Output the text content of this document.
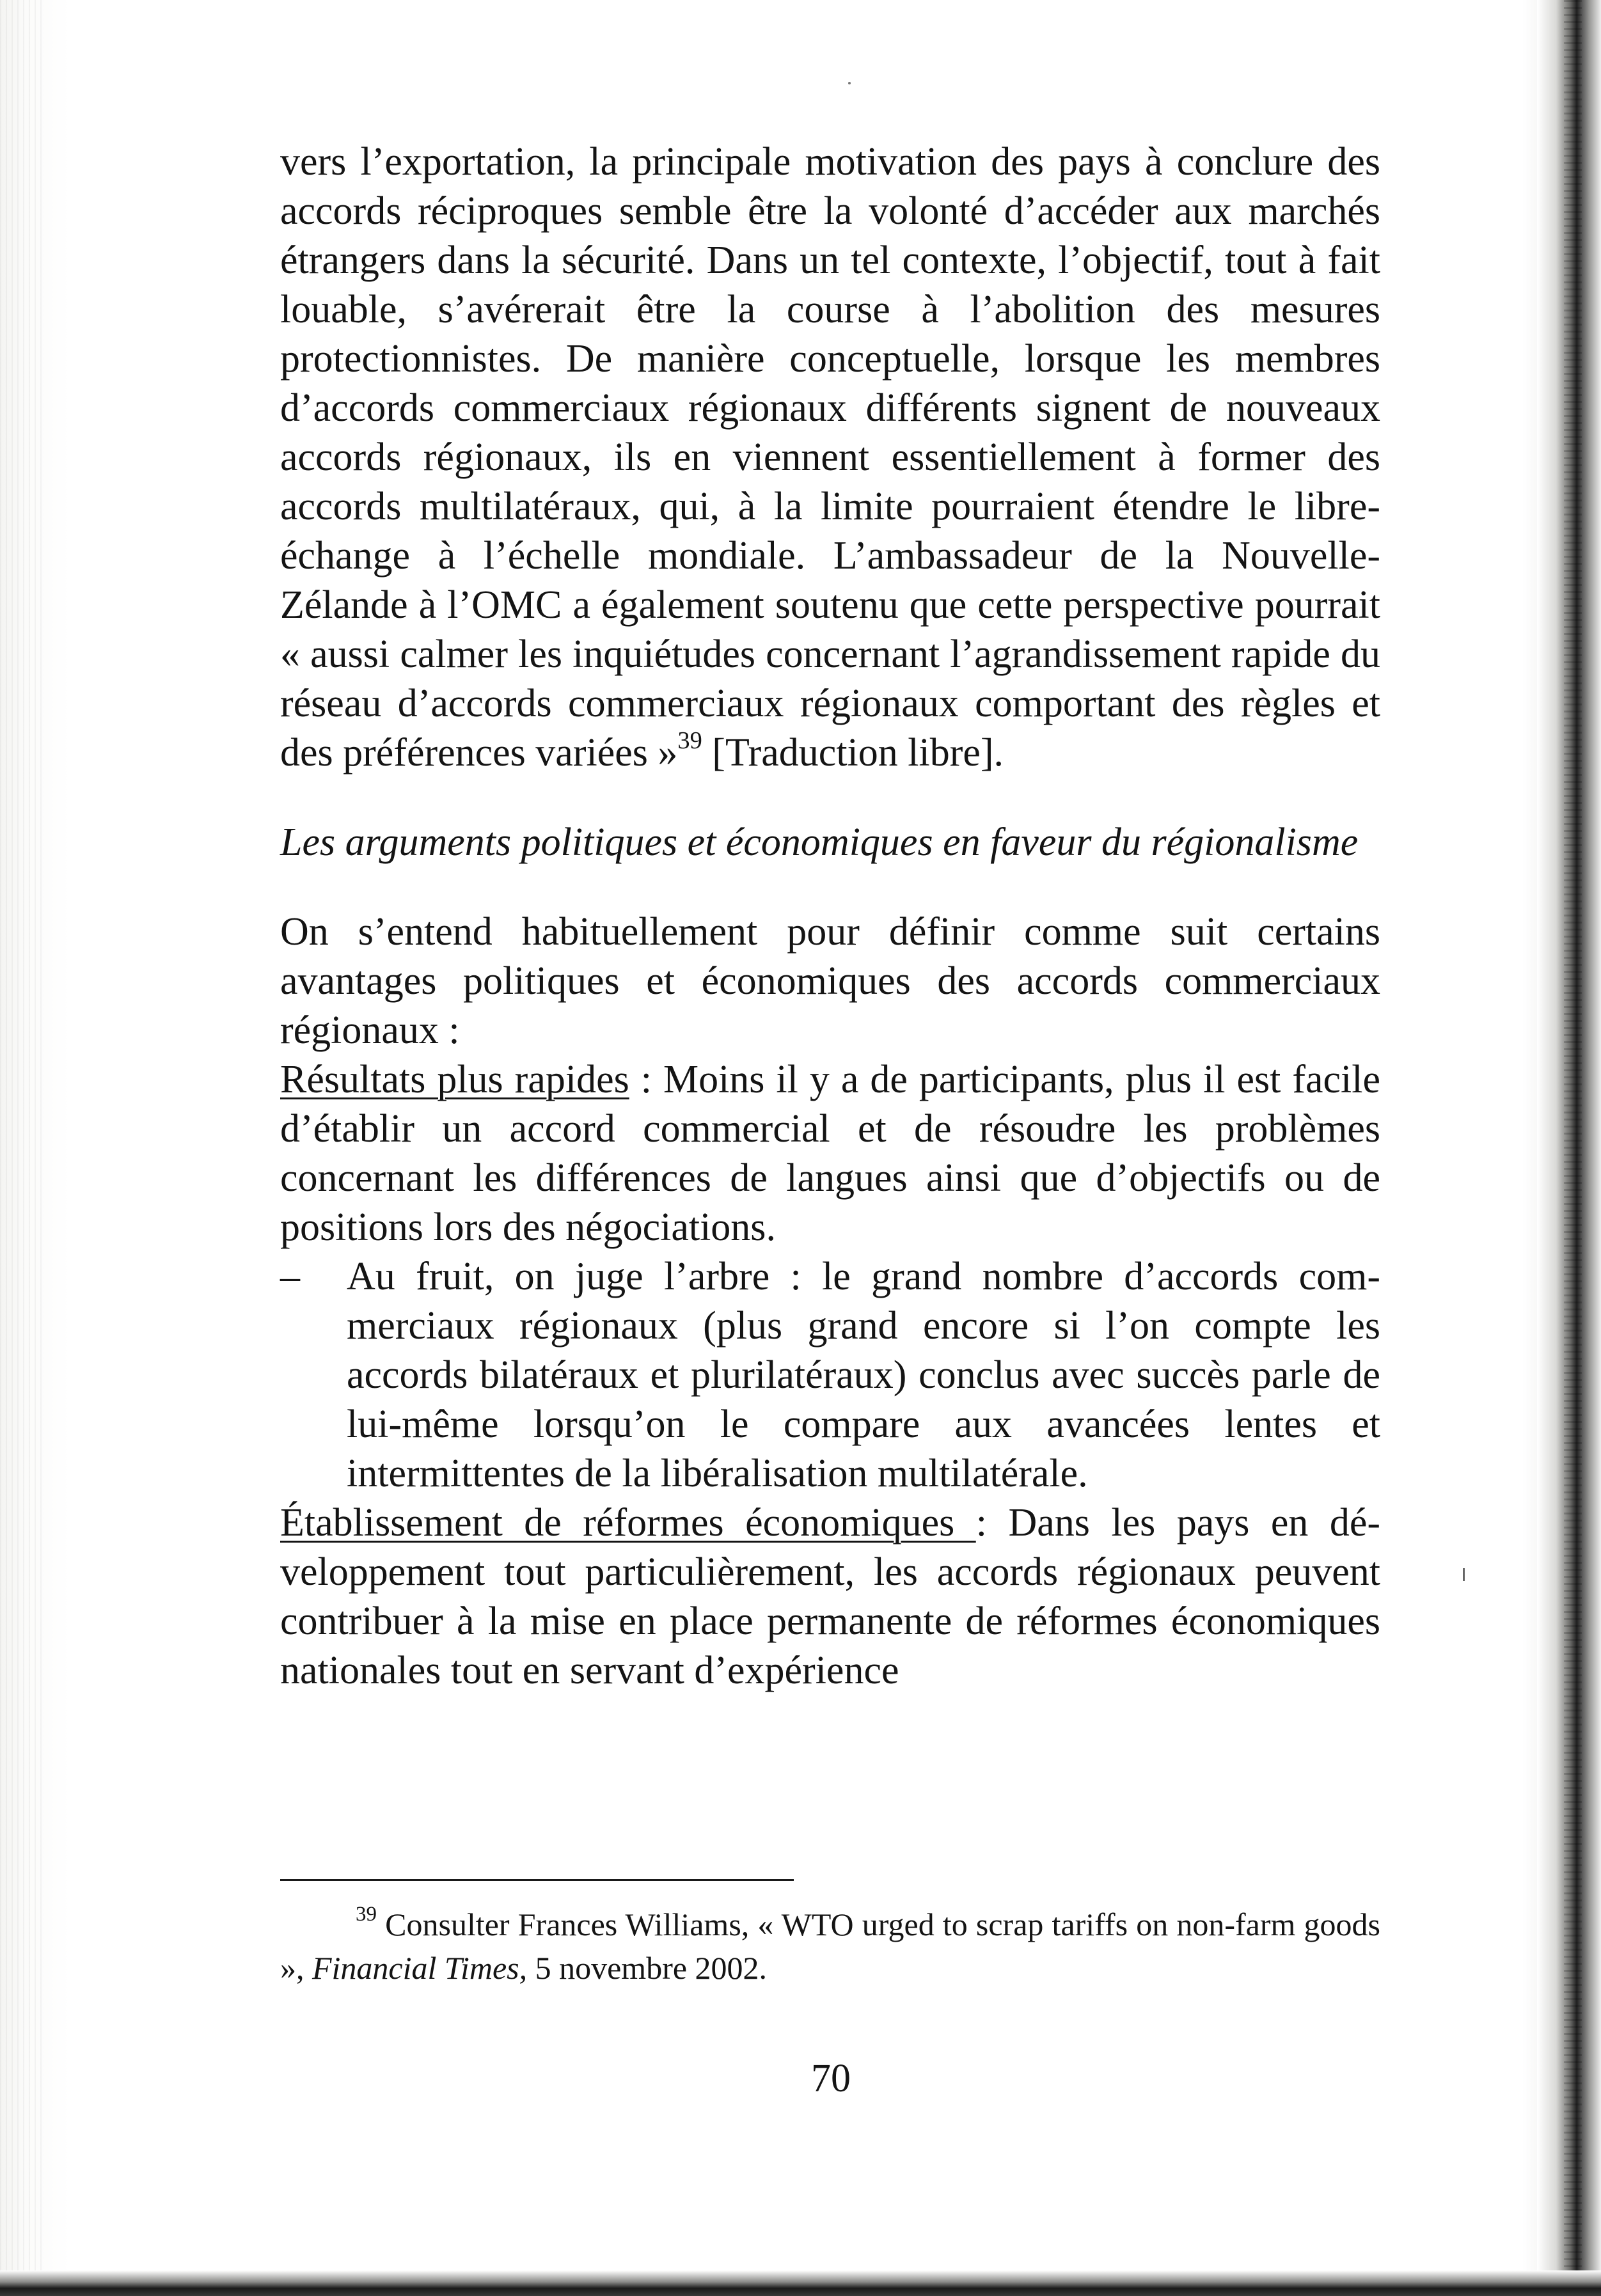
vers l’exportation, la principale motivation des pays à conclure des accords réciproques semble être la volonté d’accéder aux marchés étrangers dans la sécurité. Dans un tel contexte, l’objectif, tout à fait louable, s’avérerait être la course à l’abolition des mesures protectionnistes. De manière conceptuelle, lorsque les membres d’accords commerciaux régionaux différents signent de nouveaux accords régionaux, ils en viennent essentiellement à former des accords multilatéraux, qui, à la limite pourraient étendre le libre-échange à l’échelle mondiale. L’ambassadeur de la Nouvelle-Zélande à l’OMC a également soutenu que cette perspective pourrait « aussi calmer les inquiétudes concernant l’agrandissement rapide du réseau d’accords commerciaux régionaux comportant des règles et des préférences variées »$^{39}$ [Traduction libre].

Les arguments politiques et économiques en faveur du régionalisme

On s’entend habituellement pour définir comme suit certains avantages politiques et économiques des accords commerciaux régionaux :

Résultats plus rapides : Moins il y a de participants, plus il est facile d’établir un accord commercial et de résoudre les problèmes concernant les différences de langues ainsi que d’objectifs ou de positions lors des négociations.

–	Au fruit, on juge l’arbre : le grand nombre d’accords commerciaux régionaux (plus grand encore si l’on compte les accords bilatéraux et plurilatéraux) conclus avec succès parle de lui-même lorsqu’on le compare aux avancées lentes et intermittentes de la libéralisation multilatérale.

Établissement de réformes économiques : Dans les pays en développement tout particulièrement, les accords régionaux peuvent contribuer à la mise en place permanente de réformes économiques nationales tout en servant d’expérience

$^{39}$ Consulter Frances Williams, « WTO urged to scrap tariffs on non-farm goods », Financial Times, 5 novembre 2002.
70
